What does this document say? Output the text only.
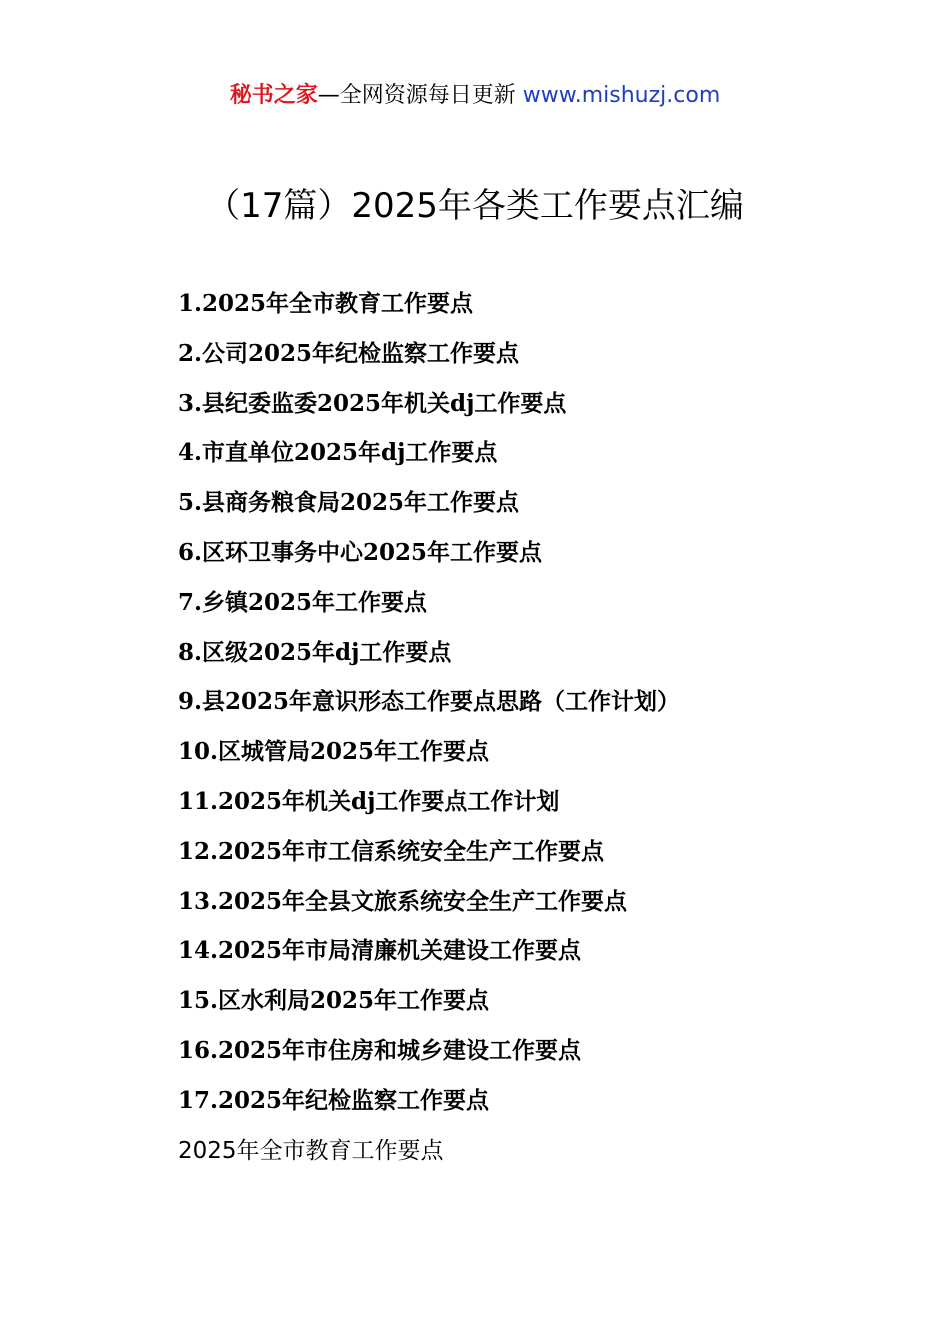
秘书之家—全网资源每日更新 www.mishuzj.com
（17篇）2025年各类工作要点汇编
1.2025年全市教育工作要点
2.公司2025年纪检监察工作要点
3.县纪委监委2025年机关dj工作要点
4.市直单位2025年dj工作要点
5.县商务粮食局2025年工作要点
6.区环卫事务中心2025年工作要点
7.乡镇2025年工作要点
8.区级2025年dj工作要点
9.县2025年意识形态工作要点思路（工作计划）
10.区城管局2025年工作要点
11.2025年机关dj工作要点工作计划
12.2025年市工信系统安全生产工作要点
13.2025年全县文旅系统安全生产工作要点
14.2025年市局清廉机关建设工作要点
15.区水利局2025年工作要点
16.2025年市住房和城乡建设工作要点
17.2025年纪检监察工作要点
2025年全市教育工作要点
